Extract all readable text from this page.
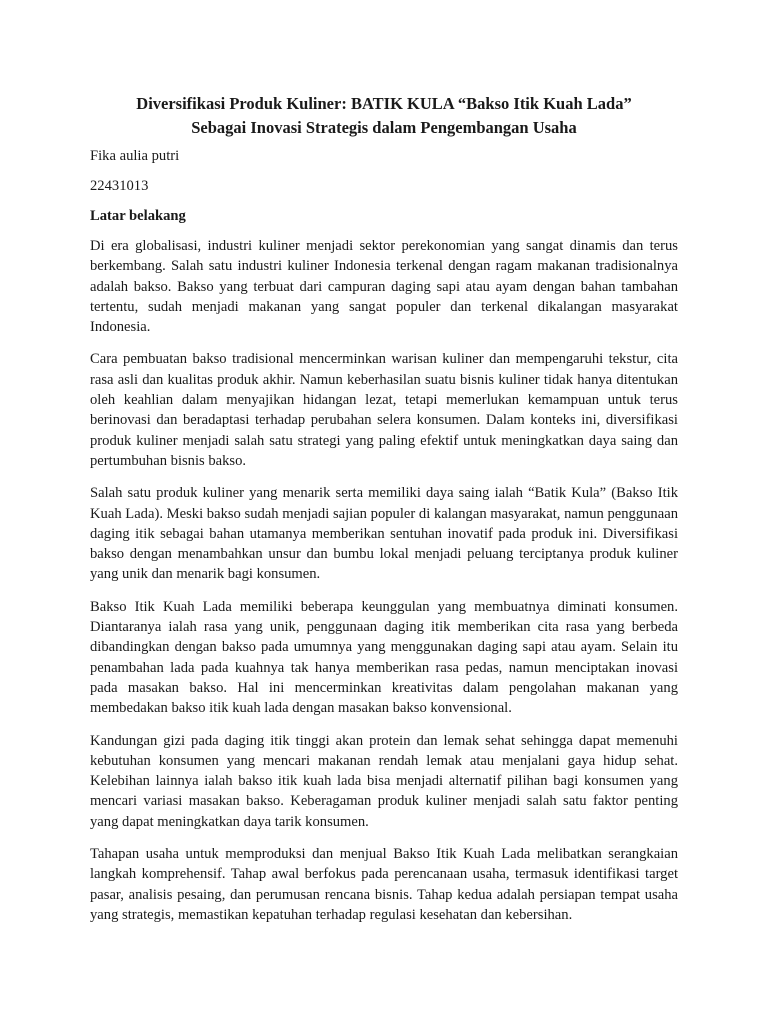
Diversifikasi Produk Kuliner: BATIK KULA “Bakso Itik Kuah Lada”
Sebagai Inovasi Strategis dalam Pengembangan Usaha

Fika aulia putri

22431013

Latar belakang

Di era globalisasi, industri kuliner menjadi sektor perekonomian yang sangat dinamis dan terus berkembang. Salah satu industri kuliner Indonesia terkenal dengan ragam makanan tradisionalnya adalah bakso. Bakso yang terbuat dari campuran daging sapi atau ayam dengan bahan tambahan tertentu, sudah menjadi makanan yang sangat populer dan terkenal dikalangan masyarakat Indonesia.

Cara pembuatan bakso tradisional mencerminkan warisan kuliner dan mempengaruhi tekstur, cita rasa asli dan kualitas produk akhir. Namun keberhasilan suatu bisnis kuliner tidak hanya ditentukan oleh keahlian dalam menyajikan hidangan lezat, tetapi memerlukan kemampuan untuk terus berinovasi dan beradaptasi terhadap perubahan selera konsumen. Dalam konteks ini, diversifikasi produk kuliner menjadi salah satu strategi yang paling efektif untuk meningkatkan daya saing dan pertumbuhan bisnis bakso.

Salah satu produk kuliner yang menarik serta memiliki daya saing ialah “Batik Kula” (Bakso Itik Kuah Lada). Meski bakso sudah menjadi sajian populer di kalangan masyarakat, namun penggunaan daging itik sebagai bahan utamanya memberikan sentuhan inovatif pada produk ini. Diversifikasi bakso dengan menambahkan unsur dan bumbu lokal menjadi peluang terciptanya produk kuliner yang unik dan menarik bagi konsumen.

Bakso Itik Kuah Lada memiliki beberapa keunggulan yang membuatnya diminati konsumen. Diantaranya ialah rasa yang unik, penggunaan daging itik memberikan cita rasa yang berbeda dibandingkan dengan bakso pada umumnya yang menggunakan daging sapi atau ayam. Selain itu penambahan lada pada kuahnya tak hanya memberikan rasa pedas, namun menciptakan inovasi pada masakan bakso. Hal ini mencerminkan kreativitas dalam pengolahan makanan yang membedakan bakso itik kuah lada dengan masakan bakso konvensional.

Kandungan gizi pada daging itik tinggi akan protein dan lemak sehat sehingga dapat memenuhi kebutuhan konsumen yang mencari makanan rendah lemak atau menjalani gaya hidup sehat. Kelebihan lainnya ialah bakso itik kuah lada bisa menjadi alternatif pilihan bagi konsumen yang mencari variasi masakan bakso. Keberagaman produk kuliner menjadi salah satu faktor penting yang dapat meningkatkan daya tarik konsumen.

Tahapan usaha untuk memproduksi dan menjual Bakso Itik Kuah Lada melibatkan serangkaian langkah komprehensif. Tahap awal berfokus pada perencanaan usaha, termasuk identifikasi target pasar, analisis pesaing, dan perumusan rencana bisnis. Tahap kedua adalah persiapan tempat usaha yang strategis, memastikan kepatuhan terhadap regulasi kesehatan dan kebersihan.
